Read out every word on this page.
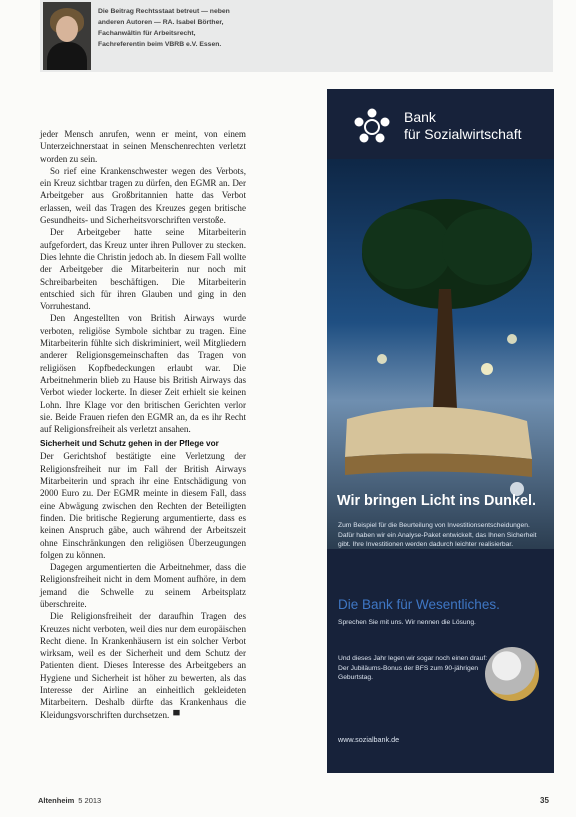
Die Beitrag Rechtsstaat betreut — neben
anderen Autoren — RA. Isabel Börther,
Fachanwältin für Arbeitsrecht,
Fachreferentin beim VBRB e.V. Essen.

jeder Mensch anrufen, wenn er meint, von einem Unterzeichnerstaat in seinen Menschenrechten verletzt worden zu sein.

So rief eine Krankenschwester wegen des Verbots, ein Kreuz sichtbar tragen zu dürfen, den EGMR an. Der Arbeitgeber aus Großbritannien hatte das Verbot erlassen, weil das Tragen des Kreuzes gegen britische Gesundheits- und Sicherheitsvorschriften verstoße.

Der Arbeitgeber hatte seine Mitarbeiterin aufgefordert, das Kreuz unter ihren Pullover zu stecken. Dies lehnte die Christin jedoch ab. In diesem Fall wollte der Arbeitgeber die Mitarbeiterin nur noch mit Schreibarbeiten beschäftigen. Die Mitarbeiterin entschied sich für ihren Glauben und ging in den Vorruhestand.

Den Angestellten von British Airways wurde verboten, religiöse Symbole sichtbar zu tragen. Eine Mitarbeiterin fühlte sich diskriminiert, weil Mitgliedern anderer Religionsgemeinschaften das Tragen von religiösen Kopfbedeckungen erlaubt war. Die Arbeitnehmerin blieb zu Hause bis British Airways das Verbot wieder lockerte. In dieser Zeit erhielt sie keinen Lohn. Ihre Klage vor den britischen Gerichten verlor sie. Beide Frauen riefen den EGMR an, da es ihr Recht auf Religionsfreiheit als verletzt ansahen.

Sicherheit und Schutz gehen in der Pflege vor

Der Gerichtshof bestätigte eine Verletzung der Religionsfreiheit nur im Fall der British Airways Mitarbeiterin und sprach ihr eine Entschädigung von 2000 Euro zu. Der EGMR meinte in diesem Fall, dass eine Abwägung zwischen den Rechten der Beteiligten finden. Die britische Regierung argumentierte, dass es keinen Anspruch gäbe, auch während der Arbeitszeit ohne Einschränkungen den religiösen Überzeugungen folgen zu können.

Dagegen argumentierten die Arbeitnehmer, dass die Religionsfreiheit nicht in dem Moment aufhöre, in dem jemand die Schwelle zu seinem Arbeitsplatz überschreite.

Die Religionsfreiheit der daraufhin Tragen des Kreuzes nicht verboten, weil dies nur dem europäischen Recht diene. In Krankenhäusern ist ein solcher Verbot wirksam, weil es der Sicherheit und dem Schutz der Patienten dient. Dieses Interesse des Arbeitgebers an Hygiene und Sicherheit ist höher zu bewerten, als das Interesse der Airline an einheitlich gekleideten Mitarbeitern. Deshalb dürfte das Krankenhaus die Kleidungsvorschriften durchsetzen. ▀

Bank
für Sozialwirtschaft
Wir bringen Licht ins Dunkel.
Zum Beispiel für die Beurteilung von Investitionsentscheidungen. Dafür haben wir ein Analyse-Paket entwickelt, das Ihnen Sicherheit gibt. Ihre Investitionen werden dadurch leichter realisierbar.
Die Bank für Wesentliches.
Sprechen Sie mit uns. Wir nennen die Lösung.
Und dieses Jahr legen wir sogar noch einen drauf: Der Jubiläums-Bonus der BFS zum 90-jährigen Geburtstag.
www.sozialbank.de
Altenheim 5 2013	35
